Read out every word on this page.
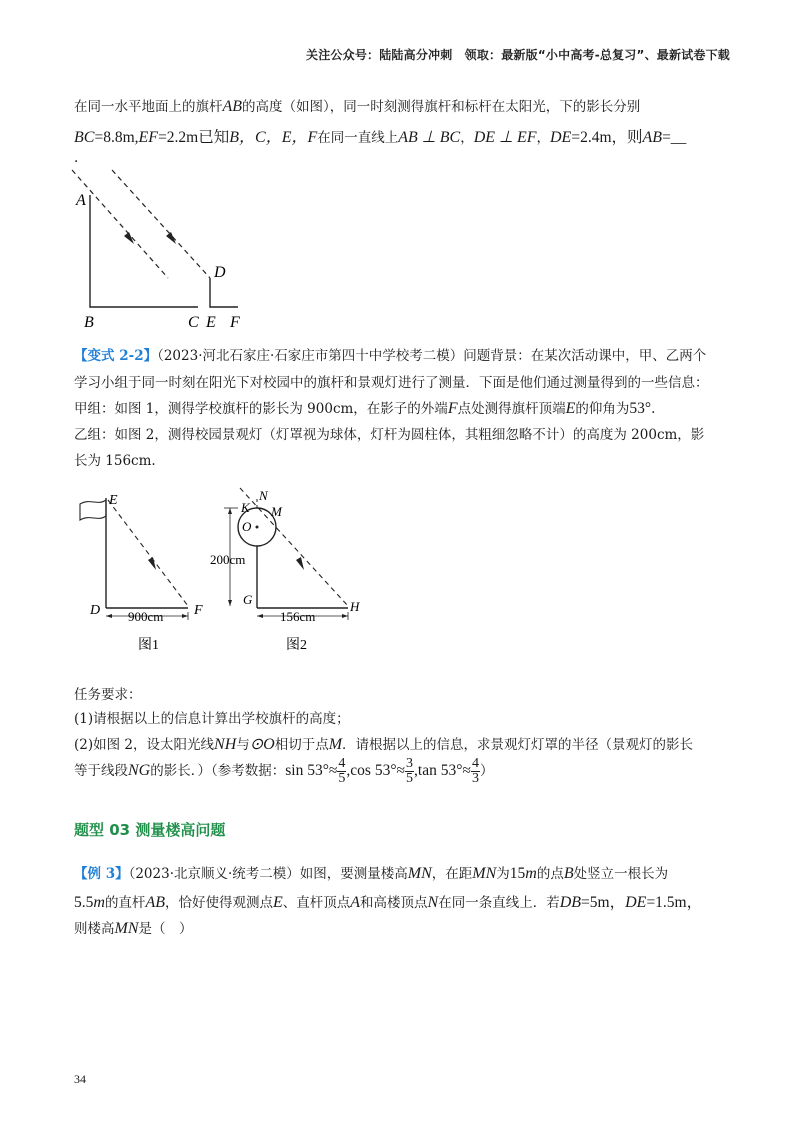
关注公众号：陆陆高分冲刺　领取：最新版“小中高考-总复习”、最新试卷下载
在同一水平地面上的旗杆AB的高度（如图），同一时刻测得旗杆和标杆在太阳光，下的影长分别
BC=8.8m,EF=2.2m已知B，C，E，F在同一直线上AB ⊥ BC，DE ⊥ EF，DE=2.4m，则AB=__
.
A
B	C
D
E F
【变式 2-2】（2023·河北石家庄·石家庄市第四十中学校考二模）问题背景：在某次活动课中，甲、乙两个
学习小组于同一时刻在阳光下对校园中的旗杆和景观灯进行了测量．下面是他们通过测量得到的一些信息：
甲组：如图 1，测得学校旗杆的影长为 900cm，在影子的外端F点处测得旗杆顶端E的仰角为53°.
乙组：如图 2，测得校园景观灯（灯罩视为球体，灯杆为圆柱体，其粗细忽略不计）的高度为 200cm，影
长为 156cm.
E
D	F
900cm
图1
N
K M
O
G	H
200cm
156cm
图2
任务要求：
(1)请根据以上的信息计算出学校旗杆的高度；
(2)如图 2，设太阳光线NH与⊙O相切于点M．请根据以上的信息，求景观灯灯罩的半径（景观灯的影长
等于线段NG的影长．）（参考数据：$\sin 53^\circ\approx \frac{4}{5} ,\cos$ $53^\circ\approx \frac{3}{5} ,\tan$ $53^\circ\approx \frac{4}{3}$ ）
题型 03 测量楼高问题
【例 3】（2023·北京顺义·统考二模）如图，要测量楼高MN，在距MN为15m的点B处竖立一根长为
5.5m的直杆AB，恰好使得观测点E、直杆顶点A和高楼顶点N在同一条直线上．若DB=5m，DE=1.5m，
则楼高MN是（　）
34
